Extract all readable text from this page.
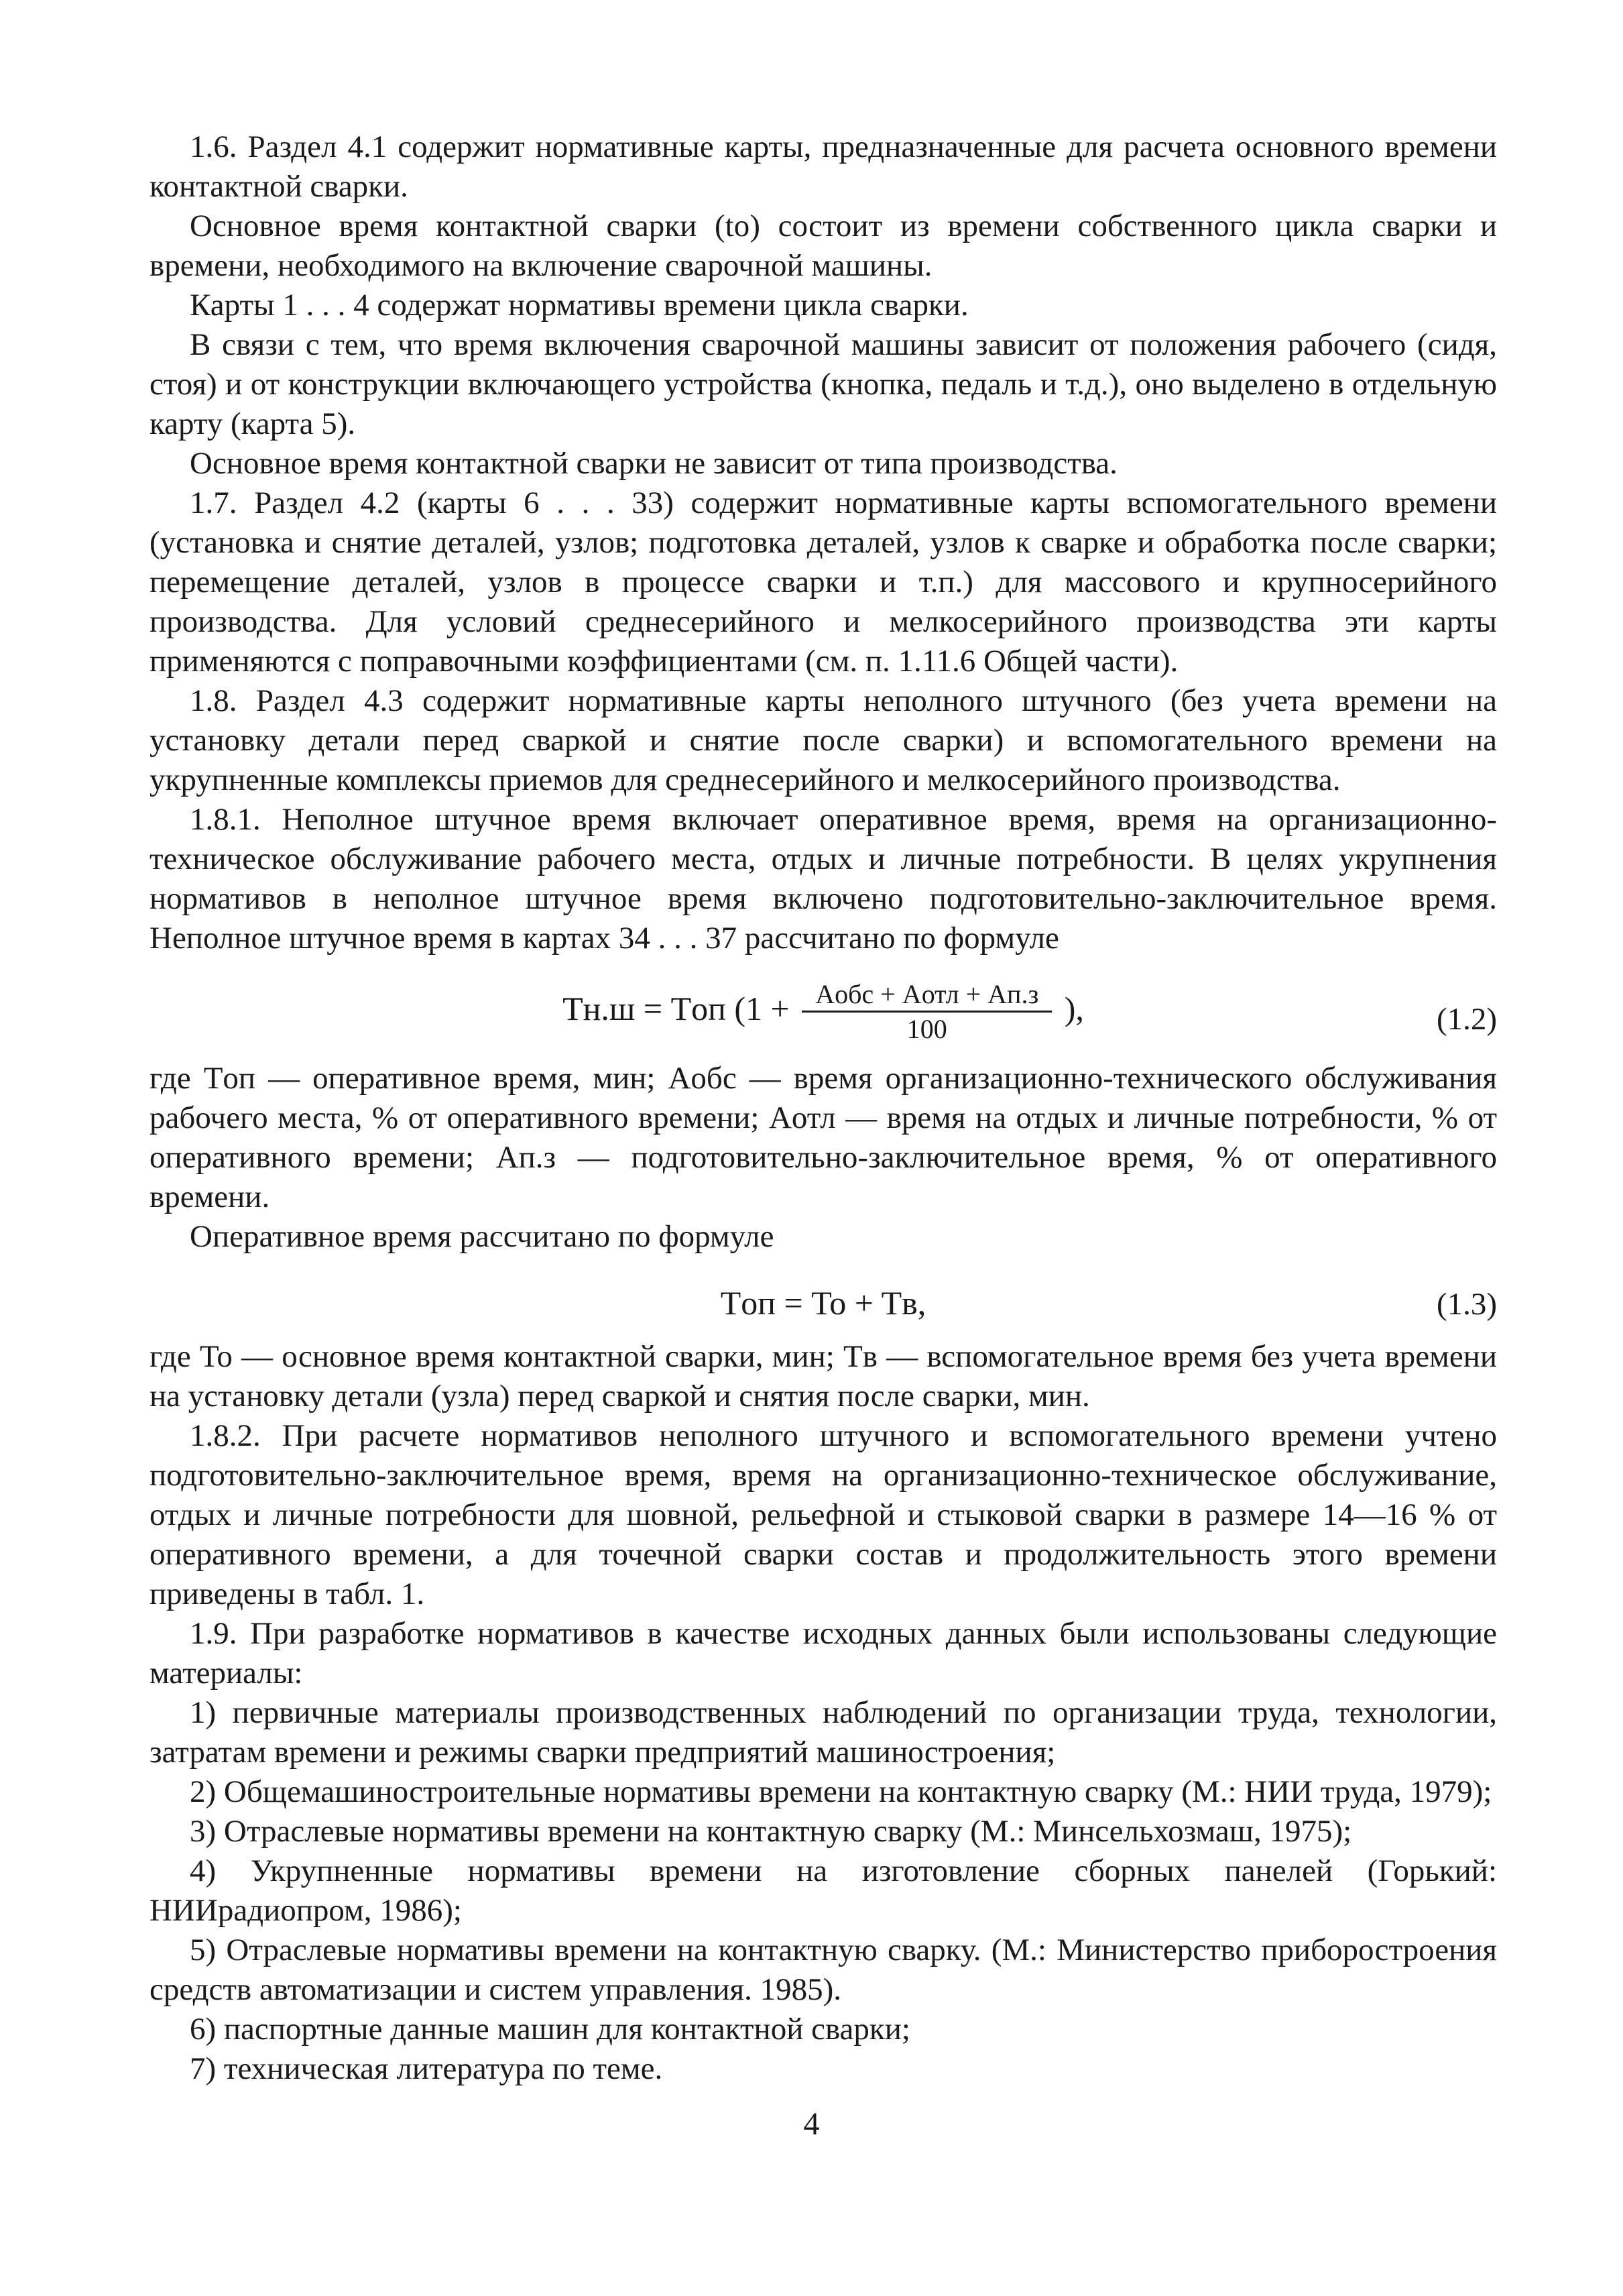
1.6. Раздел 4.1 содержит нормативные карты, предназначенные для расчета основного времени контактной сварки.

Основное время контактной сварки (to) состоит из времени собственного цикла сварки и времени, необходимого на включение сварочной машины.

Карты 1 . . . 4 содержат нормативы времени цикла сварки.

В связи с тем, что время включения сварочной машины зависит от положения рабочего (сидя, стоя) и от конструкции включающего устройства (кнопка, педаль и т.д.), оно выделено в отдельную карту (карта 5).

Основное время контактной сварки не зависит от типа производства.

1.7. Раздел 4.2 (карты 6 . . . 33) содержит нормативные карты вспомогательного времени (установка и снятие деталей, узлов; подготовка деталей, узлов к сварке и обработка после сварки; перемещение деталей, узлов в процессе сварки и т.п.) для массового и крупносерийного производства. Для условий среднесерийного и мелкосерийного производства эти карты применяются с поправочными коэффициентами (см. п. 1.11.6 Общей части).

1.8. Раздел 4.3 содержит нормативные карты неполного штучного (без учета времени на установку детали перед сваркой и снятие после сварки) и вспомогательного времени на укрупненные комплексы приемов для среднесерийного и мелкосерийного производства.

1.8.1. Неполное штучное время включает оперативное время, время на организационно-техническое обслуживание рабочего места, отдых и личные потребности. В целях укрупнения нормативов в неполное штучное время включено подготовительно-заключительное время. Неполное штучное время в картах 34 . . . 37 рассчитано по формуле

Tн.ш = Tоп ($1 + \frac{\text{Aобс + Aотл + Aп.з}}{100}$ ),	(1.2)

где Tоп — оперативное время, мин; Aобс — время организационно-технического обслуживания рабочего места, % от оперативного времени; Aотл — время на отдых и личные потребности, % от оперативного времени; Aп.з — подготовительно-заключительное время, % от оперативного времени.

Оперативное время рассчитано по формуле

Tоп = To + Tв,	(1.3)

где To — основное время контактной сварки, мин; Tв — вспомогательное время без учета времени на установку детали (узла) перед сваркой и снятия после сварки, мин.

1.8.2. При расчете нормативов неполного штучного и вспомогательного времени учтено подготовительно-заключительное время, время на организационно-техническое обслуживание, отдых и личные потребности для шовной, рельефной и стыковой сварки в размере 14—16 % от оперативного времени, а для точечной сварки состав и продолжительность этого времени приведены в табл. 1.

1.9. При разработке нормативов в качестве исходных данных были использованы следующие материалы:

1) первичные материалы производственных наблюдений по организации труда, технологии, затратам времени и режимы сварки предприятий машиностроения;

2) Общемашиностроительные нормативы времени на контактную сварку (М.: НИИ труда, 1979);

3) Отраслевые нормативы времени на контактную сварку (М.: Минсельхозмаш, 1975);

4) Укрупненные нормативы времени на изготовление сборных панелей (Горький: НИИрадиопром, 1986);

5) Отраслевые нормативы времени на контактную сварку. (М.: Министерство приборостроения средств автоматизации и систем управления. 1985).

6) паспортные данные машин для контактной сварки;

7) техническая литература по теме.

4
